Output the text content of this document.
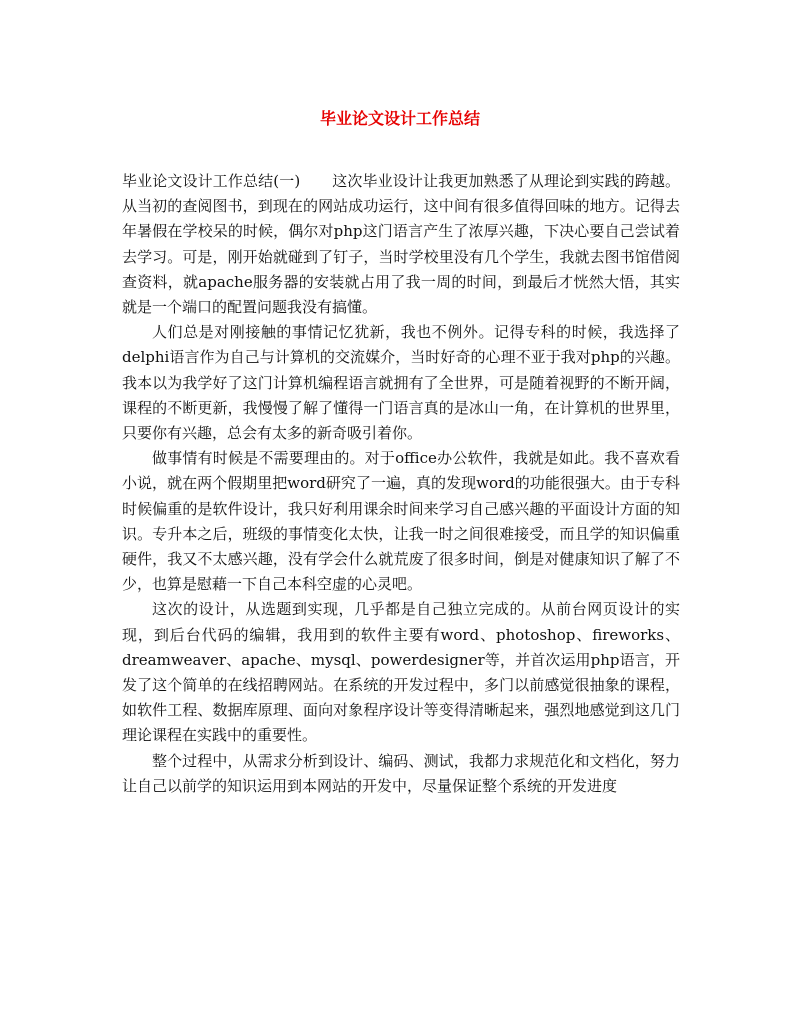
毕业论文设计工作总结

毕业论文设计工作总结(一) 这次毕业设计让我更加熟悉了从理论到实践的跨越。从当初的查阅图书，到现在的网站成功运行，这中间有很多值得回味的地方。记得去年暑假在学校呆的时候，偶尔对php这门语言产生了浓厚兴趣，下决心要自己尝试着去学习。可是，刚开始就碰到了钉子，当时学校里没有几个学生，我就去图书馆借阅查资料，就apache服务器的安装就占用了我一周的时间，到最后才恍然大悟，其实就是一个端口的配置问题我没有搞懂。

人们总是对刚接触的事情记忆犹新，我也不例外。记得专科的时候，我选择了delphi语言作为自己与计算机的交流媒介，当时好奇的心理不亚于我对php的兴趣。我本以为我学好了这门计算机编程语言就拥有了全世界，可是随着视野的不断开阔，课程的不断更新，我慢慢了解了懂得一门语言真的是冰山一角，在计算机的世界里，只要你有兴趣，总会有太多的新奇吸引着你。

做事情有时候是不需要理由的。对于office办公软件，我就是如此。我不喜欢看小说，就在两个假期里把word研究了一遍，真的发现word的功能很强大。由于专科时候偏重的是软件设计，我只好利用课余时间来学习自己感兴趣的平面设计方面的知识。专升本之后，班级的事情变化太快，让我一时之间很难接受，而且学的知识偏重硬件，我又不太感兴趣，没有学会什么就荒废了很多时间，倒是对健康知识了解了不少，也算是慰藉一下自己本科空虚的心灵吧。

这次的设计，从选题到实现，几乎都是自己独立完成的。从前台网页设计的实现，到后台代码的编辑，我用到的软件主要有word、photoshop、fireworks、dreamweaver、apache、mysql、powerdesigner等，并首次运用php语言，开发了这个简单的在线招聘网站。在系统的开发过程中，多门以前感觉很抽象的课程，如软件工程、数据库原理、面向对象程序设计等变得清晰起来，强烈地感觉到这几门理论课程在实践中的重要性。

整个过程中，从需求分析到设计、编码、测试，我都力求规范化和文档化，努力让自己以前学的知识运用到本网站的开发中，尽量保证整个系统的开发进度
